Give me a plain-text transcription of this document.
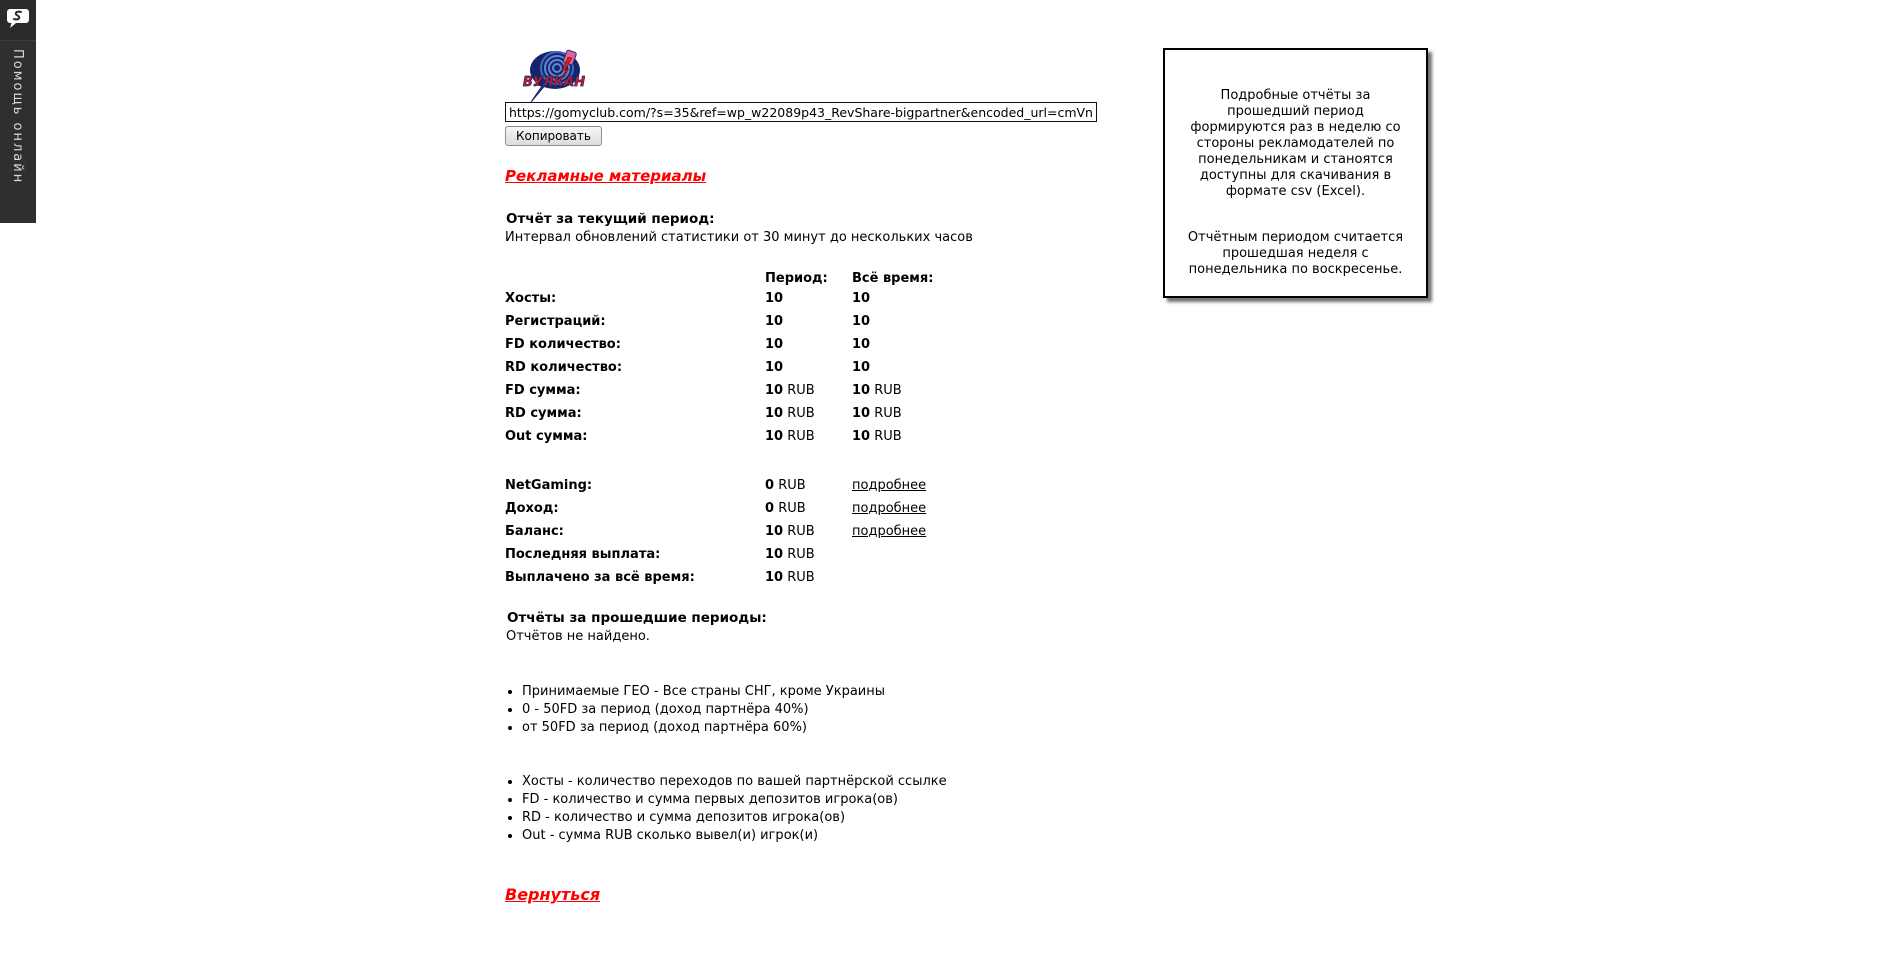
Помощь онлайн	ВУЛКАН
https://gomyclub.com/?s=35&ref=wp_w22089p43_RevShare-bigpartner&encoded_url=cmVnaXN0
Копировать
Рекламные материалы
Отчёт за текущий период:
Интервал обновлений статистики от 30 минут до нескольких часов
Период:	Всё время:
Хосты:	10	10
Регистраций:	10	10
FD количество:	10	10
RD количество:	10	10
FD сумма:	10 RUB	10 RUB
RD сумма:	10 RUB	10 RUB
Out сумма:	10 RUB	10 RUB
NetGaming:	0 RUB	подробнее
Доход:	0 RUB	подробнее
Баланс:	10 RUB	подробнее
Последняя выплата:	10 RUB
Выплачено за всё время:	10 RUB
Отчёты за прошедшие периоды:
Отчётов не найдено.
• Принимаемые ГЕО - Все страны СНГ, кроме Украины
• 0 - 50FD за период (доход партнёра 40%)
• от 50FD за период (доход партнёра 60%)
• Хосты - количество переходов по вашей партнёрской ссылке
• FD - количество и сумма первых депозитов игрока(ов)
• RD - количество и сумма депозитов игрока(ов)
• Out - сумма RUB сколько вывел(и) игрок(и)
Вернуться

Подробные отчёты за прошедший период формируются раз в неделю со стороны рекламодателей по понедельникам и станоятся доступны для скачивания в формате csv (Excel).

Отчётным периодом считается прошедшая неделя с понедельника по воскресенье.
